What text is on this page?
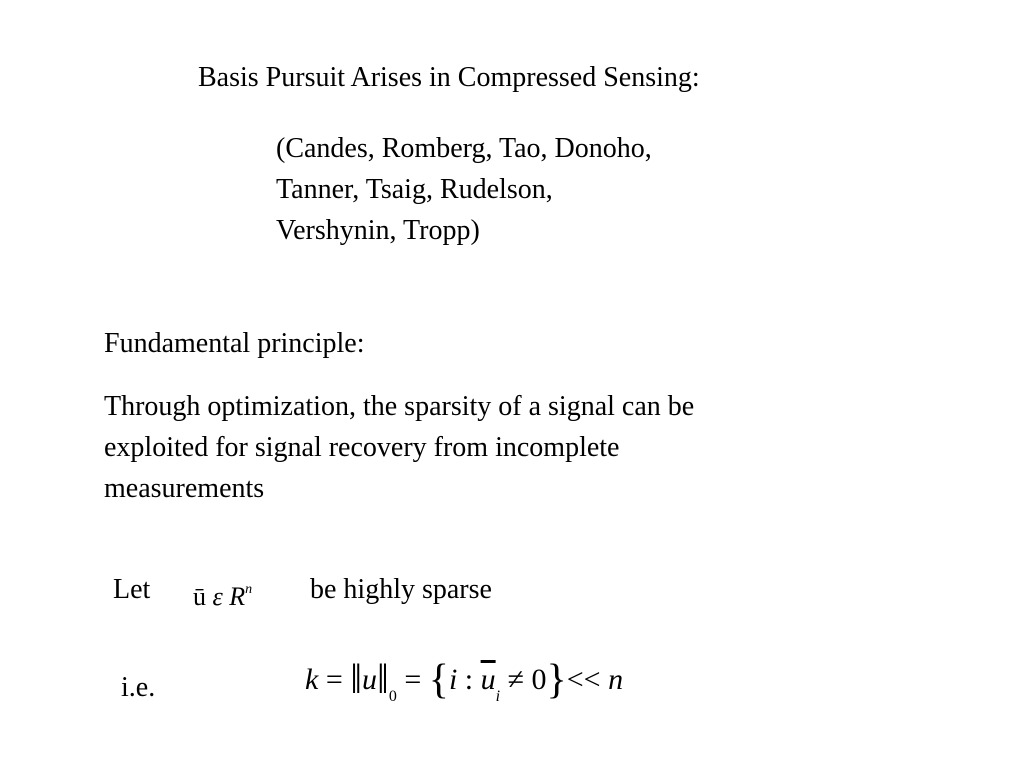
Basis Pursuit Arises in Compressed Sensing:
(Candes, Romberg, Tao, Donoho,
Tanner, Tsaig, Rudelson,
Vershynin, Tropp)
Fundamental principle:
Through optimization, the sparsity of a signal can be
exploited for signal recovery from incomplete
measurements
Let ū ε $R^n$ be highly sparse
i.e.	$k = ‖u‖_0 = \{i$ : $\overline{u}_i \ne 0\}<< n$
